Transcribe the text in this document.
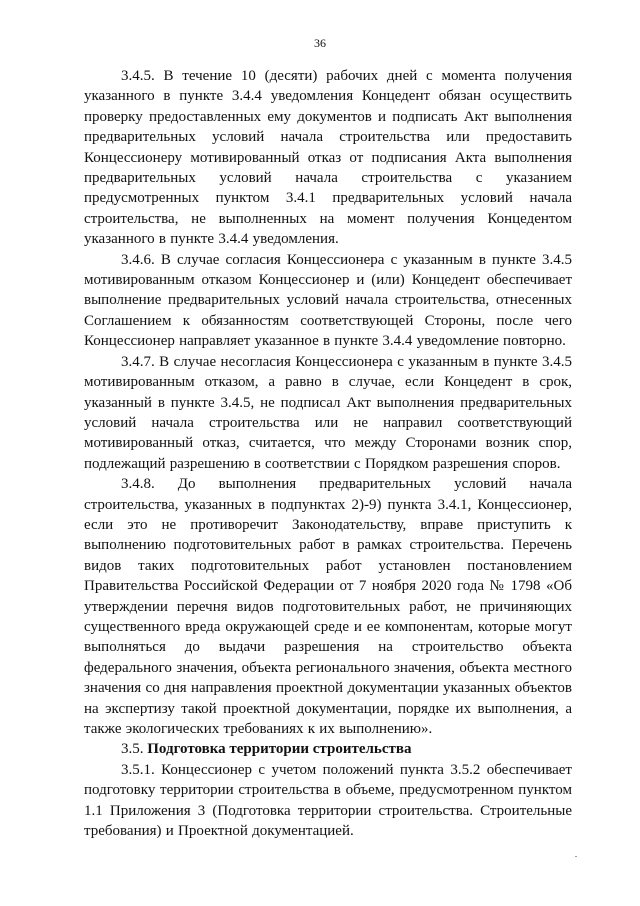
36

3.4.5. В течение 10 (десяти) рабочих дней с момента получения указанного в пункте 3.4.4 уведомления Концедент обязан осуществить проверку предоставленных ему документов и подписать Акт выполнения предварительных условий начала строительства или предоставить Концессионеру мотивированный отказ от подписания Акта выполнения предварительных условий начала строительства с указанием предусмотренных пунктом 3.4.1 предварительных условий начала строительства, не выполненных на момент получения Концедентом указанного в пункте 3.4.4 уведомления.

3.4.6. В случае согласия Концессионера с указанным в пункте 3.4.5 мотивированным отказом Концессионер и (или) Концедент обеспечивает выполнение предварительных условий начала строительства, отнесенных Соглашением к обязанностям соответствующей Стороны, после чего Концессионер направляет указанное в пункте 3.4.4 уведомление повторно.

3.4.7. В случае несогласия Концессионера с указанным в пункте 3.4.5 мотивированным отказом, а равно в случае, если Концедент в срок, указанный в пункте 3.4.5, не подписал Акт выполнения предварительных условий начала строительства или не направил соответствующий мотивированный отказ, считается, что между Сторонами возник спор, подлежащий разрешению в соответствии с Порядком разрешения споров.

3.4.8. До выполнения предварительных условий начала строительства, указанных в подпунктах 2)-9) пункта 3.4.1, Концессионер, если это не противоречит Законодательству, вправе приступить к выполнению подготовительных работ в рамках строительства. Перечень видов таких подготовительных работ установлен постановлением Правительства Российской Федерации от 7 ноября 2020 года № 1798 «Об утверждении перечня видов подготовительных работ, не причиняющих существенного вреда окружающей среде и ее компонентам, которые могут выполняться до выдачи разрешения на строительство объекта федерального значения, объекта регионального значения, объекта местного значения со дня направления проектной документации указанных объектов на экспертизу такой проектной документации, порядке их выполнения, а также экологических требованиях к их выполнению».

3.5. Подготовка территории строительства

3.5.1. Концессионер с учетом положений пункта 3.5.2 обеспечивает подготовку территории строительства в объеме, предусмотренном пунктом 1.1 Приложения 3 (Подготовка территории строительства. Строительные требования) и Проектной документацией.
